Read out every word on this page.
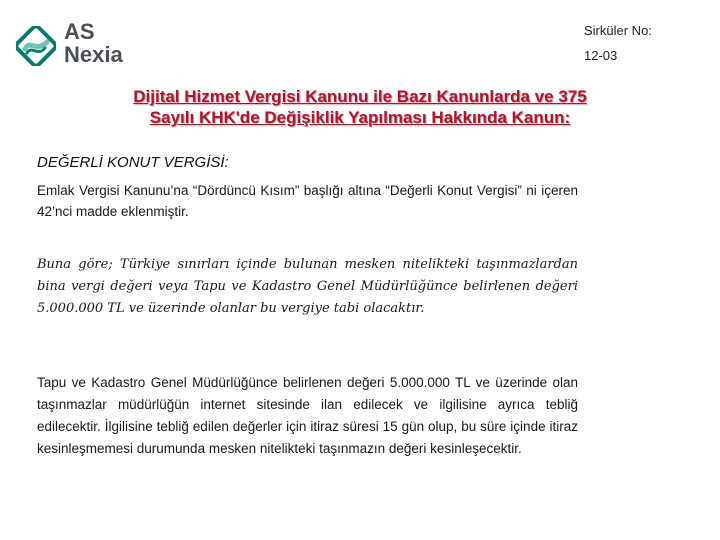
AS
Nexia
Sirküler No:
12-03
Dijital Hizmet Vergisi Kanunu ile Bazı Kanunlarda ve 375
Sayılı KHK'de Değişiklik Yapılması Hakkında Kanun:
DEĞERLİ KONUT VERGİSİ:
Emlak Vergisi Kanunu’na “Dördüncü Kısım” başlığı altına “Değerli Konut Vergisi” ni içeren 42’nci madde eklenmiştir.
Buna göre; Türkiye sınırları içinde bulunan mesken nitelikteki taşınmazlardan bina vergi değeri veya Tapu ve Kadastro Genel Müdürlüğünce belirlenen değeri 5.000.000 TL ve üzerinde olanlar bu vergiye tabi olacaktır.
Tapu ve Kadastro Genel Müdürlüğünce belirlenen değeri 5.000.000 TL ve üzerinde olan taşınmazlar müdürlüğün internet sitesinde ilan edilecek ve ilgilisine ayrıca tebliğ edilecektir. İlgilisine tebliğ edilen değerler için itiraz süresi 15 gün olup, bu süre içinde itiraz kesinleşmemesi durumunda mesken nitelikteki taşınmazın değeri kesinleşecektir.
